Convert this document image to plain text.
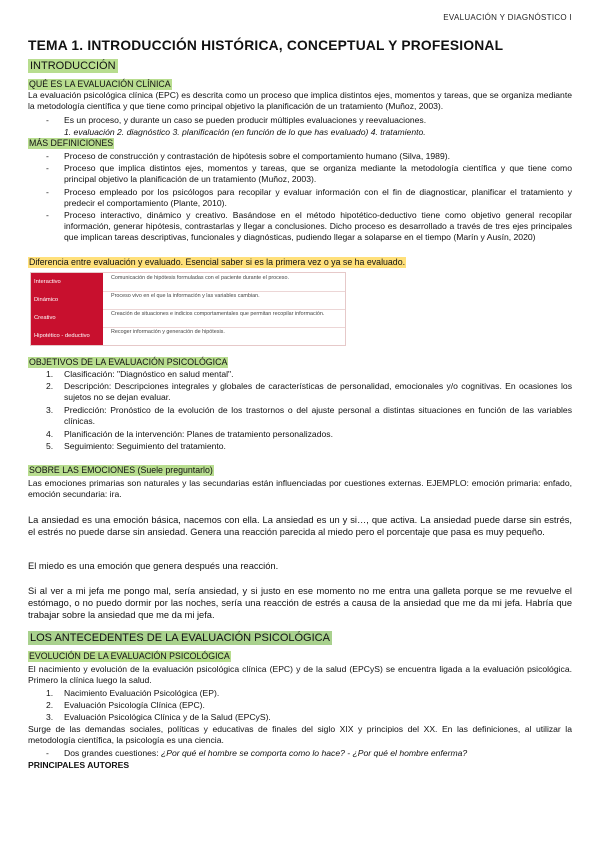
EVALUACIÓN Y DIAGNÓSTICO I
TEMA 1. INTRODUCCIÓN HISTÓRICA, CONCEPTUAL Y PROFESIONAL
INTRODUCCIÓN
QUÉ ES LA EVALUACIÓN CLÍNICA
La evaluación psicológica clínica (EPC) es descrita como un proceso que implica distintos ejes, momentos y tareas, que se organiza mediante la metodología científica y que tiene como principal objetivo la planificación de un tratamiento (Muñoz, 2003).
- Es un proceso, y durante un caso se pueden producir múltiples evaluaciones y reevaluaciones.
1. evaluación 2. diagnóstico 3. planificación (en función de lo que has evaluado) 4. tratamiento.
MÁS DEFINICIONES
- Proceso de construcción y contrastación de hipótesis sobre el comportamiento humano (Silva, 1989).
- Proceso que implica distintos ejes, momentos y tareas, que se organiza mediante la metodología científica y que tiene como principal objetivo la planificación de un tratamiento (Muñoz, 2003).
- Proceso empleado por los psicólogos para recopilar y evaluar información con el fin de diagnosticar, planificar el tratamiento y predecir el comportamiento (Plante, 2010).
- Proceso interactivo, dinámico y creativo. Basándose en el método hipotético-deductivo tiene como objetivo general recopilar información, generar hipótesis, contrastarlas y llegar a conclusiones. Dicho proceso es desarrollado a través de tres ejes principales que implican tareas descriptivas, funcionales y diagnósticas, pudiendo llegar a solaparse en el tiempo (Marín y Ausín, 2020)
Diferencia entre evaluación y evaluado. Esencial saber si es la primera vez o ya se ha evaluado.
Interactivo
Comunicación de hipótesis formuladas con el paciente durante el proceso.
Dinámico
Proceso vivo en el que la información y las variables cambian.
Creativo
Creación de situaciones e indicios comportamentales que permitan recopilar información.
Hipotético - deductivo
Recoger información y generación de hipótesis.
OBJETIVOS DE LA EVALUACIÓN PSICOLÓGICA
1. Clasificación: "Diagnóstico en salud mental".
2. Descripción: Descripciones integrales y globales de características de personalidad, emocionales y/o cognitivas. En ocasiones los sujetos no se dejan evaluar.
3. Predicción: Pronóstico de la evolución de los trastornos o del ajuste personal a distintas situaciones en función de las variables clínicas.
4. Planificación de la intervención: Planes de tratamiento personalizados.
5. Seguimiento: Seguimiento del tratamiento.
SOBRE LAS EMOCIONES (Suele preguntarlo)
Las emociones primarias son naturales y las secundarias están influenciadas por cuestiones externas. EJEMPLO: emoción primaria: enfado, emoción secundaria: ira.
La ansiedad es una emoción básica, nacemos con ella. La ansiedad es un y si…, que activa. La ansiedad puede darse sin estrés, el estrés no puede darse sin ansiedad. Genera una reacción parecida al miedo pero el porcentaje que pasa es muy pequeño.
El miedo es una emoción que genera después una reacción.
Si al ver a mi jefa me pongo mal, sería ansiedad, y si justo en ese momento no me entra una galleta porque se me revuelve el estómago, o no puedo dormir por las noches, sería una reacción de estrés a causa de la ansiedad que me da mi jefa. Habría que trabajar sobre la ansiedad que me da mi jefa.
LOS ANTECEDENTES DE LA EVALUACIÓN PSICOLÓGICA
EVOLUCIÓN DE LA EVALUACIÓN PSICOLÓGICA
El nacimiento y evolución de la evaluación psicológica clínica (EPC) y de la salud (EPCyS) se encuentra ligada a la evaluación psicológica. Primero la clínica luego la salud.
1. Nacimiento Evaluación Psicológica (EP).
2. Evaluación Psicología Clínica (EPC).
3. Evaluación Psicológica Clínica y de la Salud (EPCyS).
Surge de las demandas sociales, políticas y educativas de finales del siglo XIX y principios del XX. En las definiciones, al utilizar la metodología científica, la psicología es una ciencia.
- Dos grandes cuestiones: ¿Por qué el hombre se comporta como lo hace? - ¿Por qué el hombre enferma?
PRINCIPALES AUTORES
